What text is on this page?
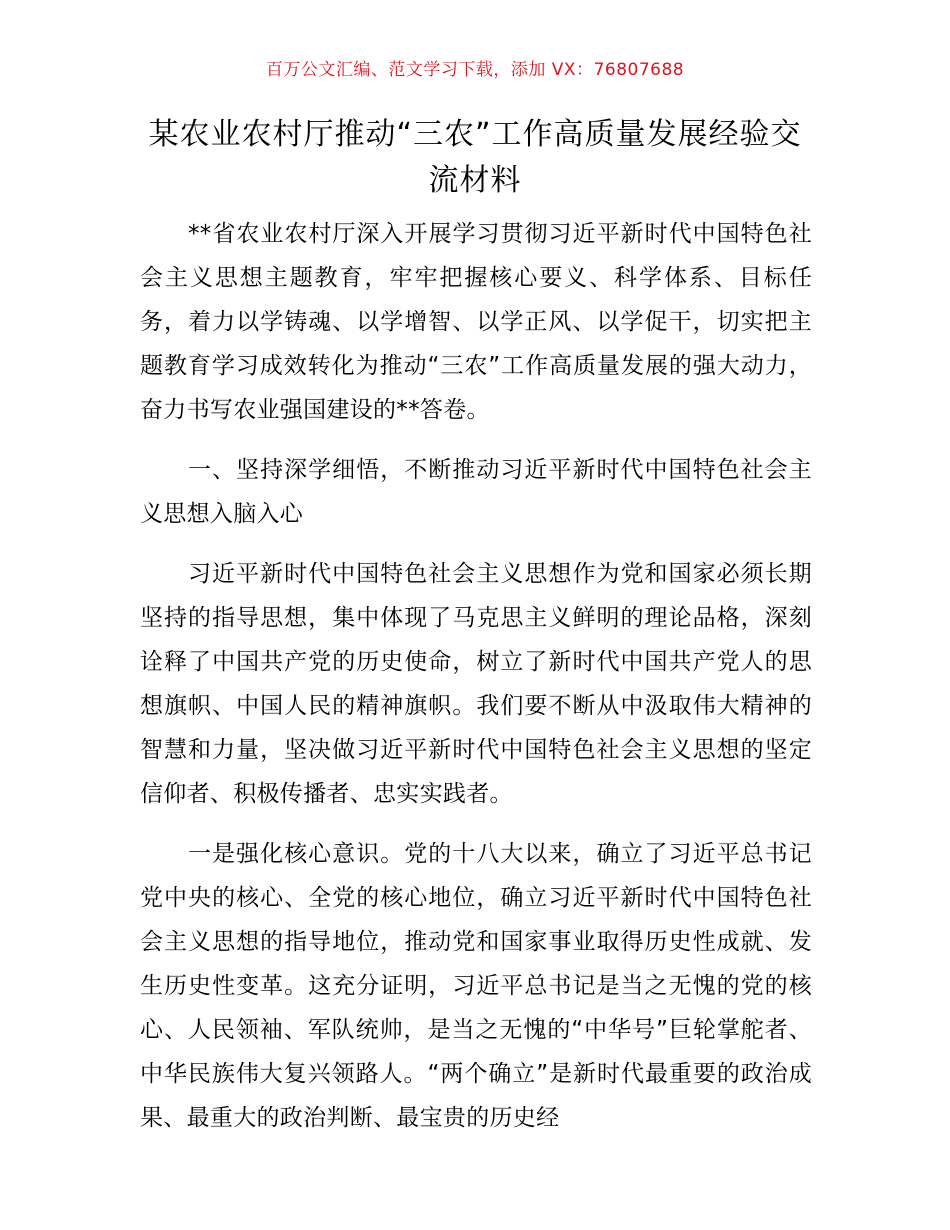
百万公文汇编、范文学习下载，添加 VX：76807688
某农业农村厅推动“三农”工作高质量发展经验交流材料

**省农业农村厅深入开展学习贯彻习近平新时代中国特色社会主义思想主题教育，牢牢把握核心要义、科学体系、目标任务，着力以学铸魂、以学增智、以学正风、以学促干，切实把主题教育学习成效转化为推动“三农”工作高质量发展的强大动力，奋力书写农业强国建设的**答卷。

一、坚持深学细悟，不断推动习近平新时代中国特色社会主义思想入脑入心

习近平新时代中国特色社会主义思想作为党和国家必须长期坚持的指导思想，集中体现了马克思主义鲜明的理论品格，深刻诠释了中国共产党的历史使命，树立了新时代中国共产党人的思想旗帜、中国人民的精神旗帜。我们要不断从中汲取伟大精神的智慧和力量，坚决做习近平新时代中国特色社会主义思想的坚定信仰者、积极传播者、忠实实践者。

一是强化核心意识。党的十八大以来，确立了习近平总书记党中央的核心、全党的核心地位，确立习近平新时代中国特色社会主义思想的指导地位，推动党和国家事业取得历史性成就、发生历史性变革。这充分证明，习近平总书记是当之无愧的党的核心、人民领袖、军队统帅，是当之无愧的“中华号”巨轮掌舵者、中华民族伟大复兴领路人。“两个确立”是新时代最重要的政治成果、最重大的政治判断、最宝贵的历史经
